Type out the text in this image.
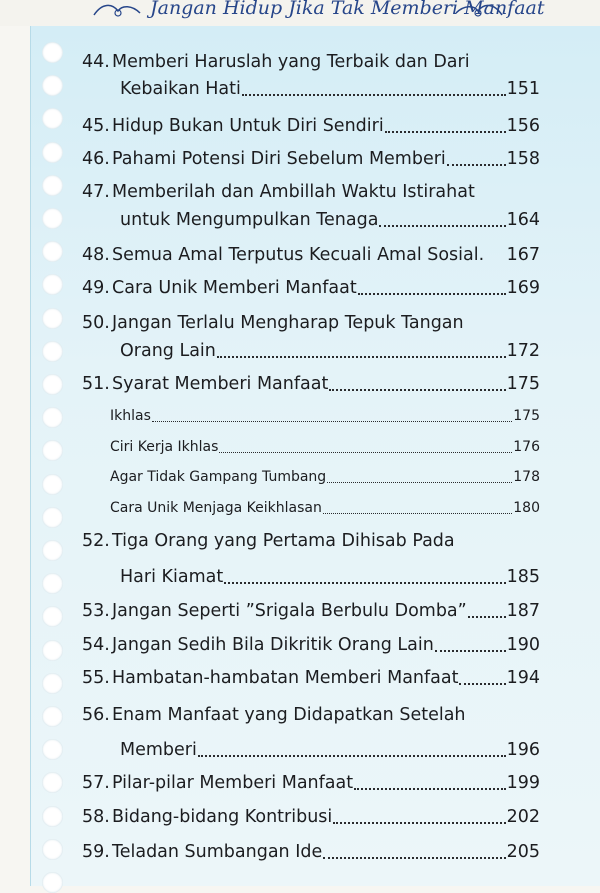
Jangan Hidup Jika Tak Memberi Manfaat
44. Memberi Haruslah yang Terbaik dan Dari
Kebaikan Hati	151
45. Hidup Bukan Untuk Diri Sendiri	156
46. Pahami Potensi Diri Sebelum Memberi	158
47. Memberilah dan Ambillah Waktu Istirahat
untuk Mengumpulkan Tenaga	164
48. Semua Amal Terputus Kecuali Amal Sosial. 167
49. Cara Unik Memberi Manfaat	169
50. Jangan Terlalu Mengharap Tepuk Tangan
Orang Lain	172
51. Syarat Memberi Manfaat	175
Ikhlas	175
Ciri Kerja Ikhlas	176
Agar Tidak Gampang Tumbang	178
Cara Unik Menjaga Keikhlasan	180
52. Tiga Orang yang Pertama Dihisab Pada
Hari Kiamat	185
53. Jangan Seperti ”Srigala Berbulu Domba” 187
54. Jangan Sedih Bila Dikritik Orang Lain	190
55. Hambatan-hambatan Memberi Manfaat	194
56. Enam Manfaat yang Didapatkan Setelah
Memberi	196
57. Pilar-pilar Memberi Manfaat	199
58. Bidang-bidang Kontribusi	202
59. Teladan Sumbangan Ide	205
